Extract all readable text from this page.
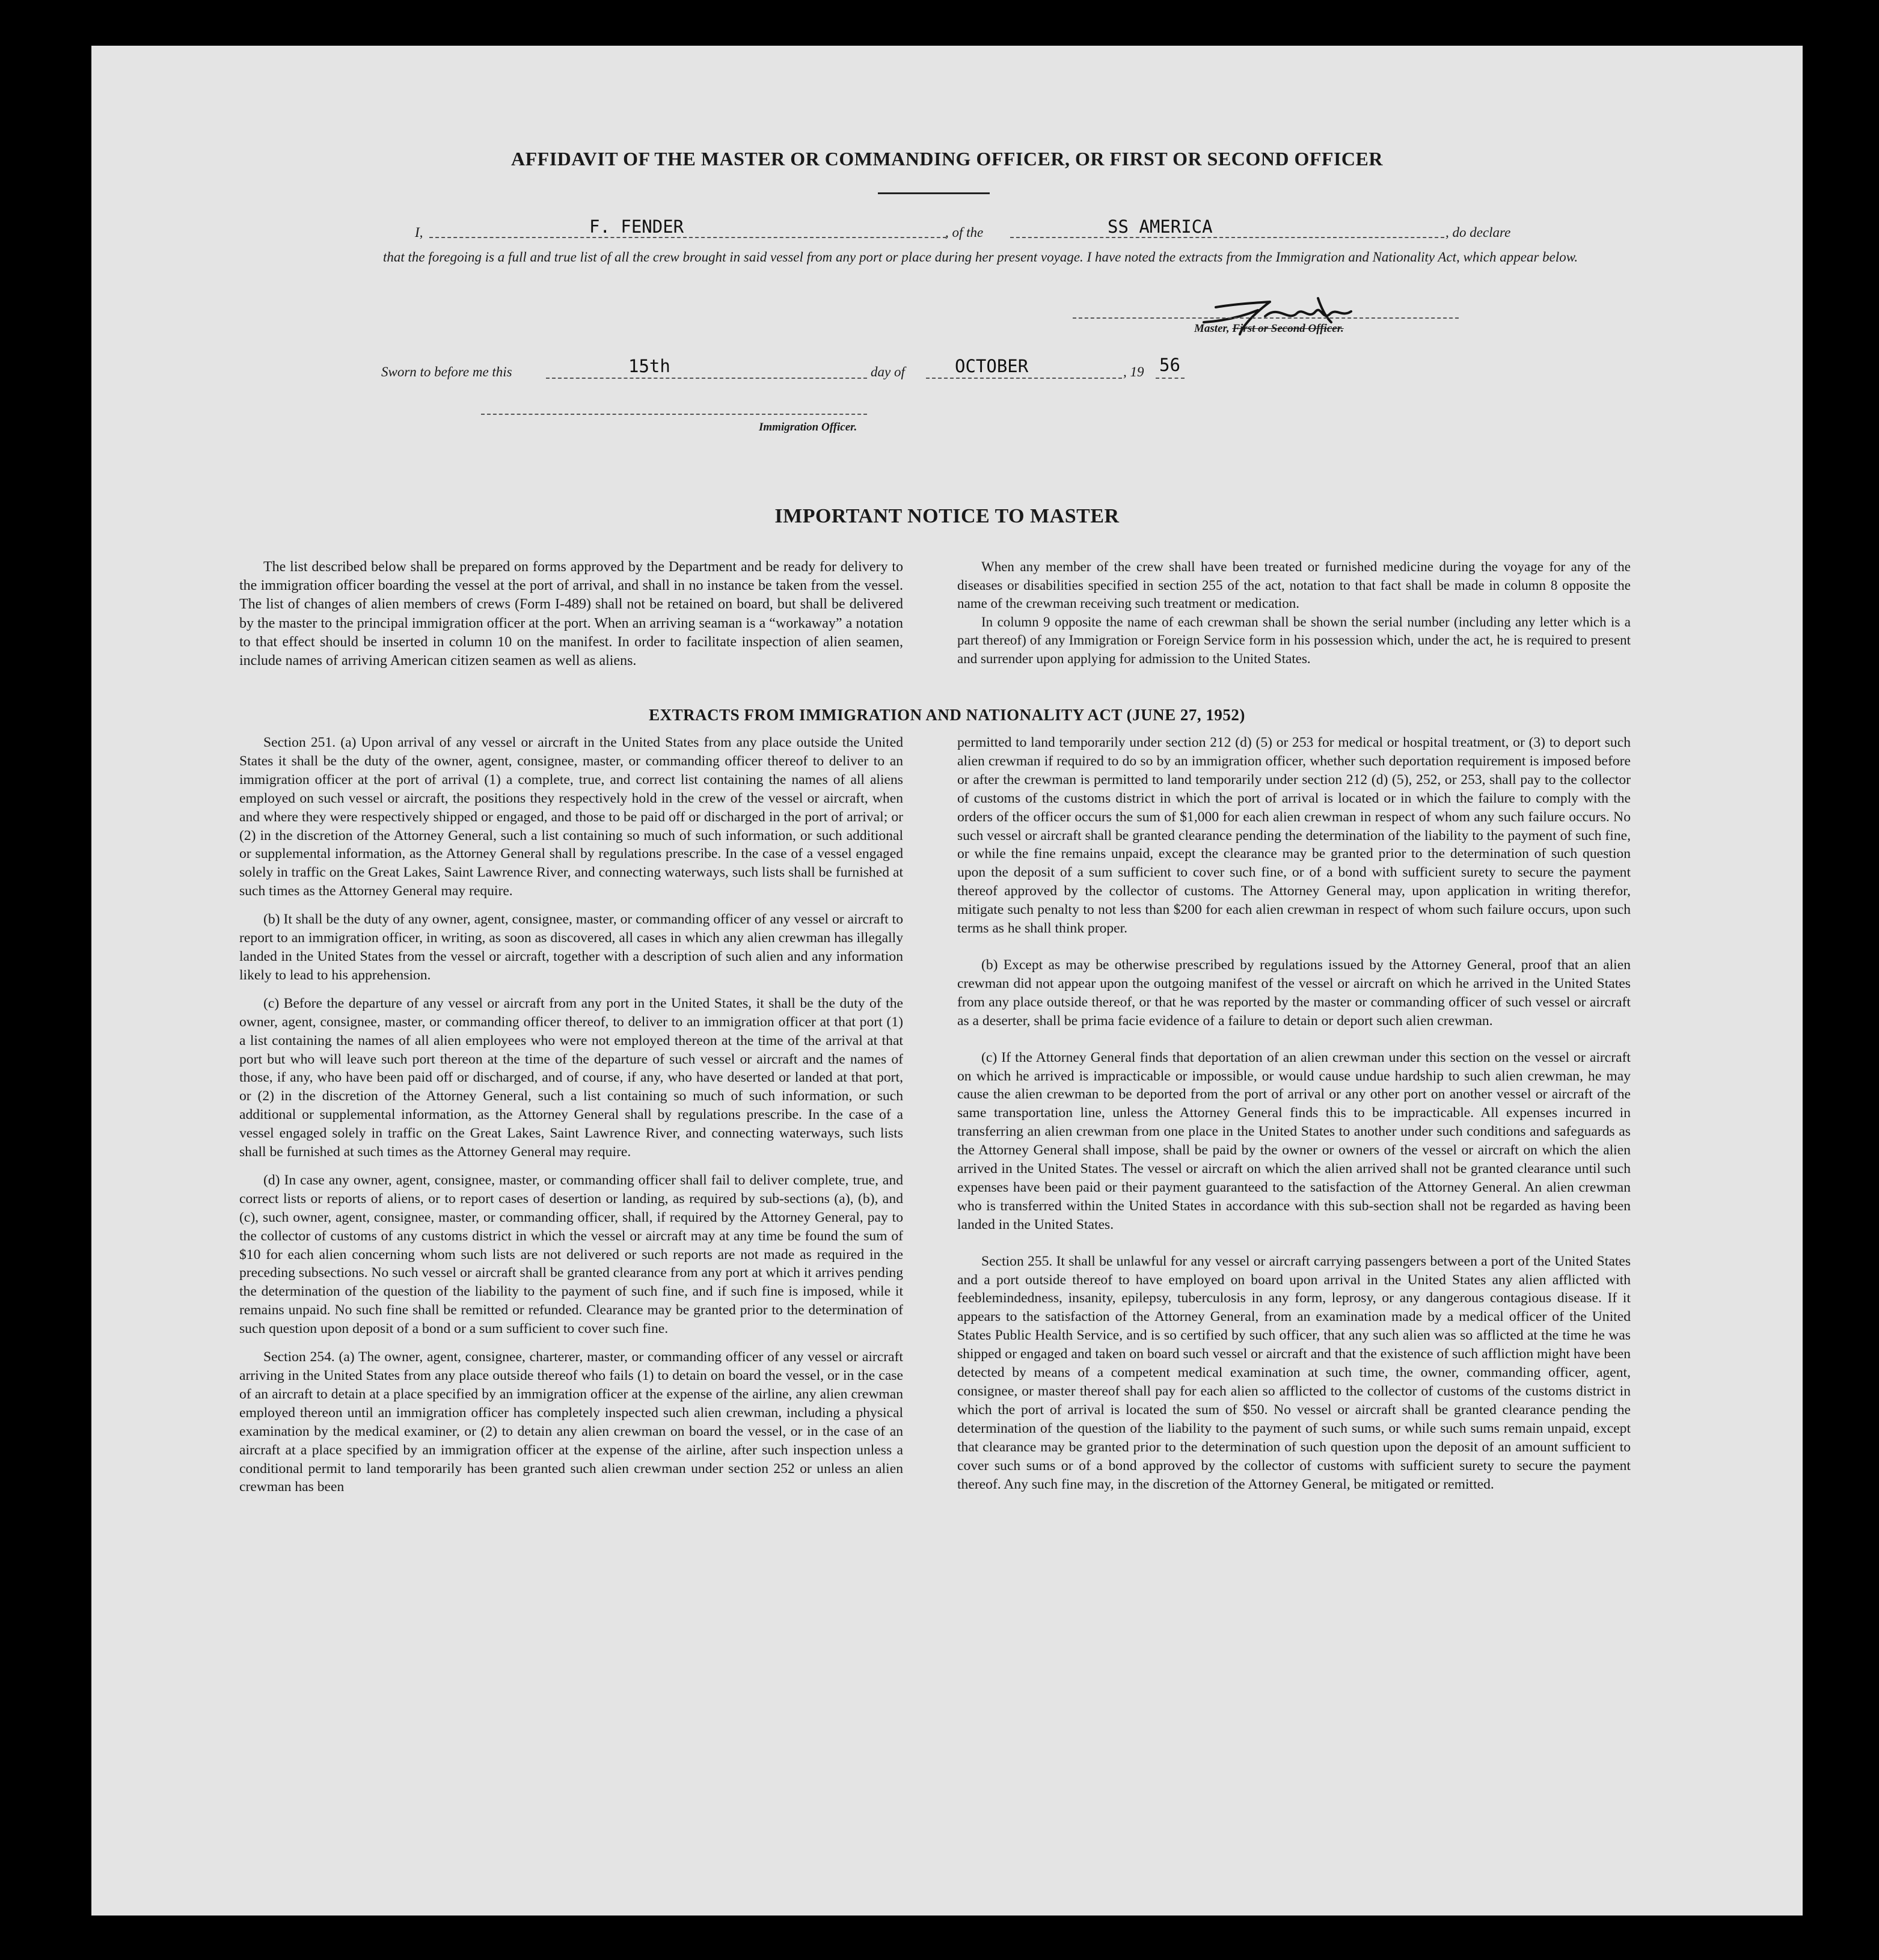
AFFIDAVIT OF THE MASTER OR COMMANDING OFFICER, OR FIRST OR SECOND OFFICER
I,	F. FENDER	, of the	SS AMERICA	, do declare
that the foregoing is a full and true list of all the crew brought in said vessel from any port or place during her present voyage. I have noted the extracts from the Immigration and Nationality Act, which appear below.
Master, First or Second Officer.
Sworn to before me this	15th	day of	OCTOBER	, 19 56
Immigration Officer.
IMPORTANT NOTICE TO MASTER

The list described below shall be prepared on forms approved by the Department and be ready for delivery to the immigration officer boarding the vessel at the port of arrival, and shall in no instance be taken from the vessel. The list of changes of alien members of crews (Form I-489) shall not be retained on board, but shall be delivered by the master to the principal immigration officer at the port. When an arriving seaman is a “workaway” a notation to that effect should be inserted in column 10 on the manifest. In order to facilitate inspection of alien seamen, include names of arriving American citizen seamen as well as aliens.

When any member of the crew shall have been treated or furnished medicine during the voyage for any of the diseases or disabilities specified in section 255 of the act, notation to that fact shall be made in column 8 opposite the name of the crewman receiving such treatment or medication.

In column 9 opposite the name of each crewman shall be shown the serial number (including any letter which is a part thereof) of any Immigration or Foreign Service form in his possession which, under the act, he is required to present and surrender upon applying for admission to the United States.

EXTRACTS FROM IMMIGRATION AND NATIONALITY ACT (JUNE 27, 1952)

Section 251. (a) Upon arrival of any vessel or aircraft in the United States from any place outside the United States it shall be the duty of the owner, agent, consignee, master, or commanding officer thereof to deliver to an immigration officer at the port of arrival (1) a complete, true, and correct list containing the names of all aliens employed on such vessel or aircraft, the positions they respectively hold in the crew of the vessel or aircraft, when and where they were respectively shipped or engaged, and those to be paid off or discharged in the port of arrival; or (2) in the discretion of the Attorney General, such a list containing so much of such information, or such additional or supplemental information, as the Attorney General shall by regulations prescribe. In the case of a vessel engaged solely in traffic on the Great Lakes, Saint Lawrence River, and connecting waterways, such lists shall be furnished at such times as the Attorney General may require.

(b) It shall be the duty of any owner, agent, consignee, master, or commanding officer of any vessel or aircraft to report to an immigration officer, in writing, as soon as discovered, all cases in which any alien crewman has illegally landed in the United States from the vessel or aircraft, together with a description of such alien and any information likely to lead to his apprehension.

(c) Before the departure of any vessel or aircraft from any port in the United States, it shall be the duty of the owner, agent, consignee, master, or commanding officer thereof, to deliver to an immigration officer at that port (1) a list containing the names of all alien employees who were not employed thereon at the time of the arrival at that port but who will leave such port thereon at the time of the departure of such vessel or aircraft and the names of those, if any, who have been paid off or discharged, and of course, if any, who have deserted or landed at that port, or (2) in the discretion of the Attorney General, such a list containing so much of such information, or such additional or supplemental information, as the Attorney General shall by regulations prescribe. In the case of a vessel engaged solely in traffic on the Great Lakes, Saint Lawrence River, and connecting waterways, such lists shall be furnished at such times as the Attorney General may require.

(d) In case any owner, agent, consignee, master, or commanding officer shall fail to deliver complete, true, and correct lists or reports of aliens, or to report cases of desertion or landing, as required by sub-sections (a), (b), and (c), such owner, agent, consignee, master, or commanding officer, shall, if required by the Attorney General, pay to the collector of customs of any customs district in which the vessel or aircraft may at any time be found the sum of $10 for each alien concerning whom such lists are not delivered or such reports are not made as required in the preceding subsections. No such vessel or aircraft shall be granted clearance from any port at which it arrives pending the determination of the question of the liability to the payment of such fine, and if such fine is imposed, while it remains unpaid. No such fine shall be remitted or refunded. Clearance may be granted prior to the determination of such question upon deposit of a bond or a sum sufficient to cover such fine.

Section 254. (a) The owner, agent, consignee, charterer, master, or commanding officer of any vessel or aircraft arriving in the United States from any place outside thereof who fails (1) to detain on board the vessel, or in the case of an aircraft to detain at a place specified by an immigration officer at the expense of the airline, any alien crewman employed thereon until an immigration officer has completely inspected such alien crewman, including a physical examination by the medical examiner, or (2) to detain any alien crewman on board the vessel, or in the case of an aircraft at a place specified by an immigration officer at the expense of the airline, after such inspection unless a conditional permit to land temporarily has been granted such alien crewman under section 252 or unless an alien crewman has been

permitted to land temporarily under section 212 (d) (5) or 253 for medical or hospital treatment, or (3) to deport such alien crewman if required to do so by an immigration officer, whether such deportation requirement is imposed before or after the crewman is permitted to land temporarily under section 212 (d) (5), 252, or 253, shall pay to the collector of customs of the customs district in which the port of arrival is located or in which the failure to comply with the orders of the officer occurs the sum of $1,000 for each alien crewman in respect of whom any such failure occurs. No such vessel or aircraft shall be granted clearance pending the determination of the liability to the payment of such fine, or while the fine remains unpaid, except the clearance may be granted prior to the determination of such question upon the deposit of a sum sufficient to cover such fine, or of a bond with sufficient surety to secure the payment thereof approved by the collector of customs. The Attorney General may, upon application in writing therefor, mitigate such penalty to not less than $200 for each alien crewman in respect of whom such failure occurs, upon such terms as he shall think proper.

(b) Except as may be otherwise prescribed by regulations issued by the Attorney General, proof that an alien crewman did not appear upon the outgoing manifest of the vessel or aircraft on which he arrived in the United States from any place outside thereof, or that he was reported by the master or commanding officer of such vessel or aircraft as a deserter, shall be prima facie evidence of a failure to detain or deport such alien crewman.

(c) If the Attorney General finds that deportation of an alien crewman under this section on the vessel or aircraft on which he arrived is impracticable or impossible, or would cause undue hardship to such alien crewman, he may cause the alien crewman to be deported from the port of arrival or any other port on another vessel or aircraft of the same transportation line, unless the Attorney General finds this to be impracticable. All expenses incurred in transferring an alien crewman from one place in the United States to another under such conditions and safeguards as the Attorney General shall impose, shall be paid by the owner or owners of the vessel or aircraft on which the alien arrived in the United States. The vessel or aircraft on which the alien arrived shall not be granted clearance until such expenses have been paid or their payment guaranteed to the satisfaction of the Attorney General. An alien crewman who is transferred within the United States in accordance with this sub-section shall not be regarded as having been landed in the United States.

Section 255. It shall be unlawful for any vessel or aircraft carrying passengers between a port of the United States and a port outside thereof to have employed on board upon arrival in the United States any alien afflicted with feeblemindedness, insanity, epilepsy, tuberculosis in any form, leprosy, or any dangerous contagious disease. If it appears to the satisfaction of the Attorney General, from an examination made by a medical officer of the United States Public Health Service, and is so certified by such officer, that any such alien was so afflicted at the time he was shipped or engaged and taken on board such vessel or aircraft and that the existence of such affliction might have been detected by means of a competent medical examination at such time, the owner, commanding officer, agent, consignee, or master thereof shall pay for each alien so afflicted to the collector of customs of the customs district in which the port of arrival is located the sum of $50. No vessel or aircraft shall be granted clearance pending the determination of the question of the liability to the payment of such sums, or while such sums remain unpaid, except that clearance may be granted prior to the determination of such question upon the deposit of an amount sufficient to cover such sums or of a bond approved by the collector of customs with sufficient surety to secure the payment thereof. Any such fine may, in the discretion of the Attorney General, be mitigated or remitted.
